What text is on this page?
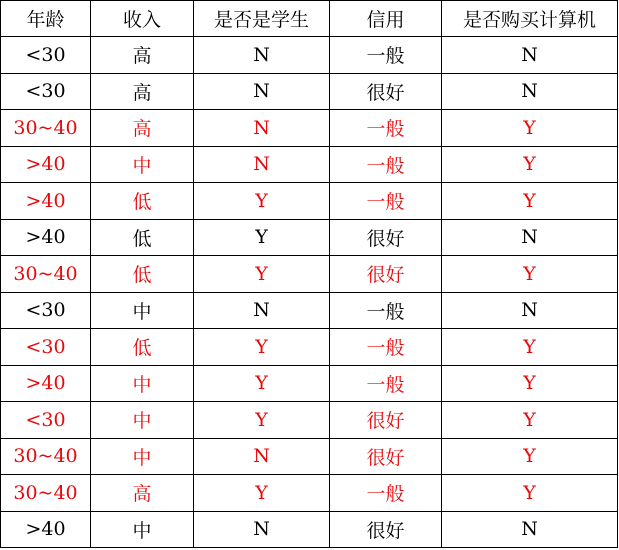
年龄	收入	是否是学生	信用	是否购买计算机
<30	高	N	一般	N
<30	高	N	很好	N
30~40	高	N	一般	Y
>40	中	N	一般	Y
>40	低	Y	一般	Y
>40	低	Y	很好	N
30~40	低	Y	很好	Y
<30	中	N	一般	N
<30	低	Y	一般	Y
>40	中	Y	一般	Y
<30	中	Y	很好	Y
30~40	中	N	很好	Y
30~40	高	Y	一般	Y
>40	中	N	很好	N
